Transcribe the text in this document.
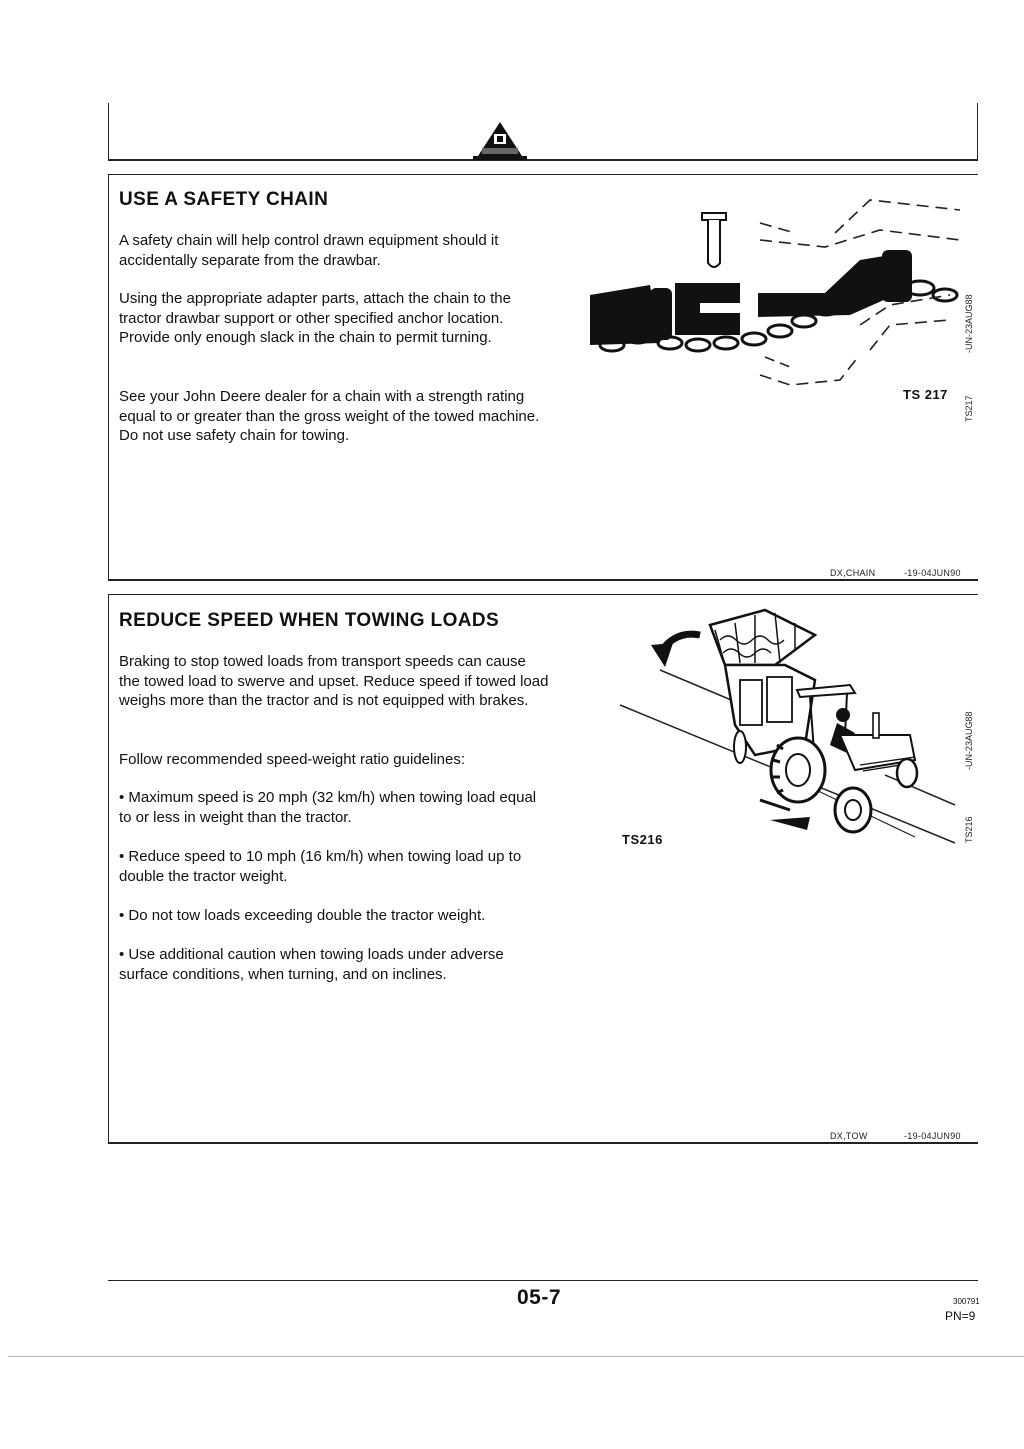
USE A SAFETY CHAIN

A safety chain will help control drawn equipment should it accidentally separate from the drawbar.

Using the appropriate adapter parts, attach the chain to the tractor drawbar support or other specified anchor location. Provide only enough slack in the chain to permit turning.

See your John Deere dealer for a chain with a strength rating equal to or greater than the gross weight of the towed machine. Do not use safety chain for towing.

TS 217
-UN-23AUG88
TS217
DX,CHAIN	-19-04JUN90
REDUCE SPEED WHEN TOWING LOADS

Braking to stop towed loads from transport speeds can cause the towed load to swerve and upset. Reduce speed if towed load weighs more than the tractor and is not equipped with brakes.

Follow recommended speed-weight ratio guidelines:

• Maximum speed is 20 mph (32 km/h) when towing load equal to or less in weight than the tractor.

• Reduce speed to 10 mph (16 km/h) when towing load up to double the tractor weight.

• Do not tow loads exceeding double the tractor weight.

• Use additional caution when towing loads under adverse surface conditions, when turning, and on inclines.

TS216
-UN-23AUG88
TS216
DX,TOW	-19-04JUN90
05-7	300791
PN=9
